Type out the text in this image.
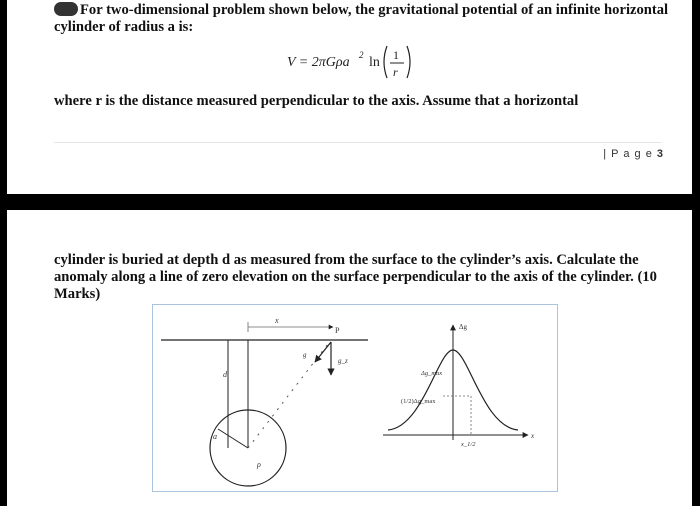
For two-dimensional problem shown below, the gravitational potential of an infinite horizontal cylinder of radius a is:
V = 2πGρa 2 ln 1
r
where r is the distance measured perpendicular to the axis. Assume that a horizontal
| P a g e 3
cylinder is buried at depth d as measured from the surface to the cylinder’s axis. Calculate the anomaly along a line of zero elevation on the surface perpendicular to the axis of the cylinder. (10 Marks)
x
P
d
a
ρ
g
g_z
Δg
Δg_max
(1/2)Δg_max
x_1/2
x
